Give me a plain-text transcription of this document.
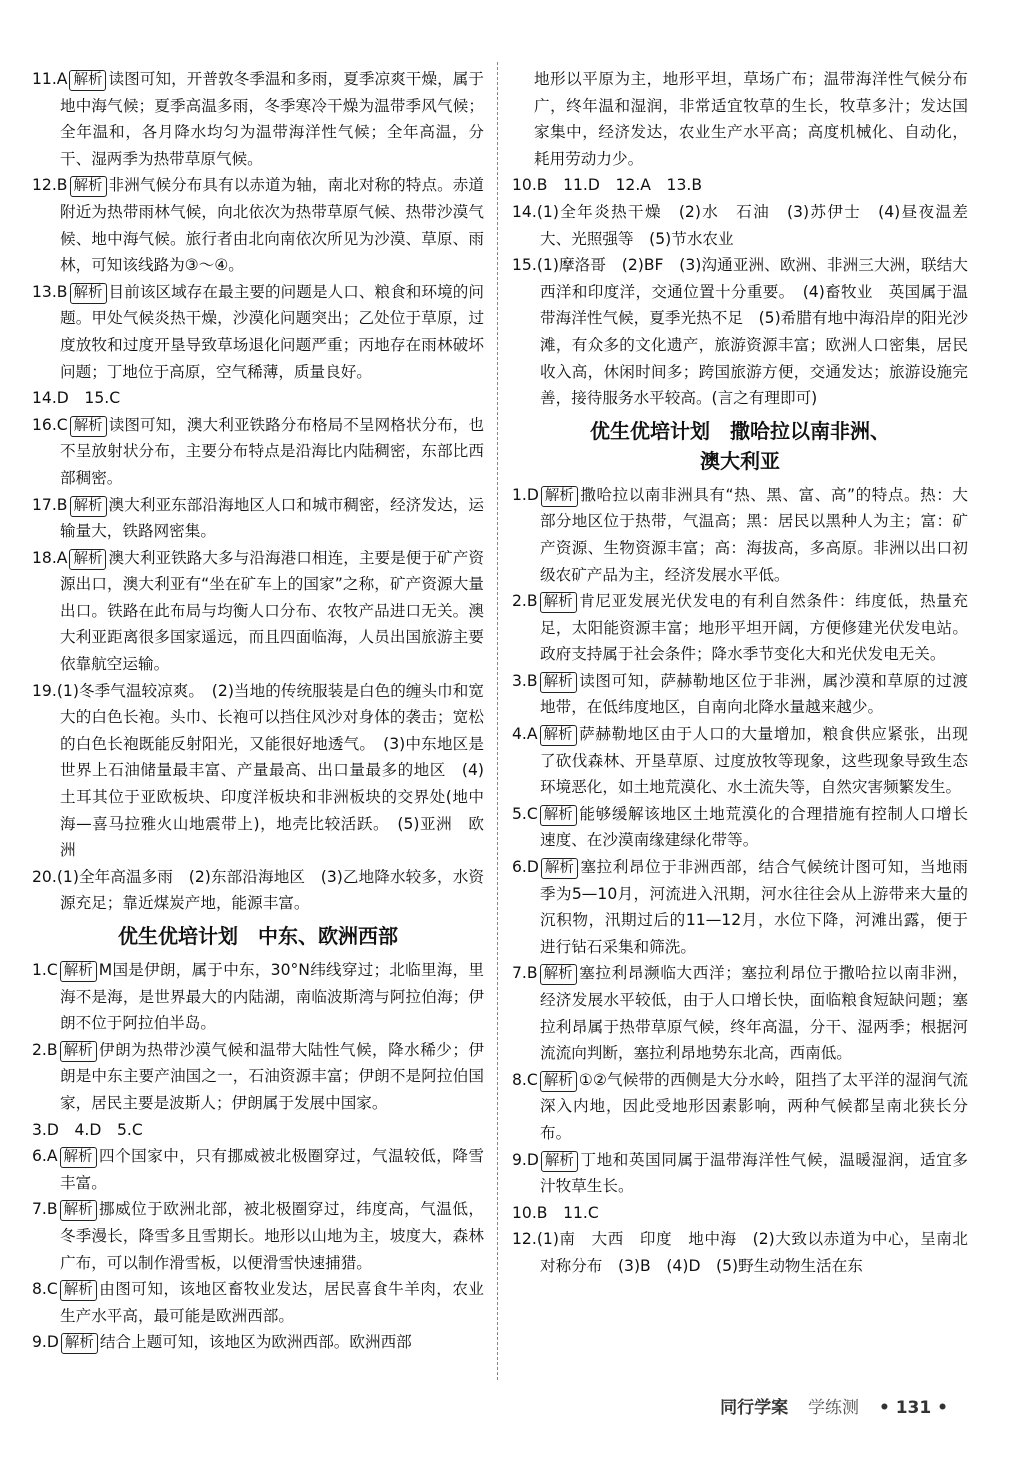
11.A 解析 读图可知，开普敦冬季温和多雨，夏季凉爽干燥，属于地中海气候；夏季高温多雨，冬季寒冷干燥为温带季风气候；全年温和，各月降水均匀为温带海洋性气候；全年高温，分干、湿两季为热带草原气候。
12.B 解析 非洲气候分布具有以赤道为轴，南北对称的特点。赤道附近为热带雨林气候，向北依次为热带草原气候、热带沙漠气候、地中海气候。旅行者由北向南依次所见为沙漠、草原、雨林，可知该线路为③～④。
13.B 解析 目前该区域存在最主要的问题是人口、粮食和环境的问题。甲处气候炎热干燥，沙漠化问题突出；乙处位于草原，过度放牧和过度开垦导致草场退化问题严重；丙地存在雨林破坏问题；丁地位于高原，空气稀薄，质量良好。
14.D　15.C
16.C 解析 读图可知，澳大利亚铁路分布格局不呈网格状分布，也不呈放射状分布，主要分布特点是沿海比内陆稠密，东部比西部稠密。
17.B 解析 澳大利亚东部沿海地区人口和城市稠密，经济发达，运输量大，铁路网密集。
18.A 解析 澳大利亚铁路大多与沿海港口相连，主要是便于矿产资源出口，澳大利亚有“坐在矿车上的国家”之称，矿产资源大量出口。铁路在此布局与均衡人口分布、农牧产品进口无关。澳大利亚距离很多国家遥远，而且四面临海，人员出国旅游主要依靠航空运输。
19.(1)冬季气温较凉爽。　(2)当地的传统服装是白色的缠头巾和宽大的白色长袍。头巾、长袍可以挡住风沙对身体的袭击；宽松的白色长袍既能反射阳光，又能很好地透气。　(3)中东地区是世界上石油储量最丰富、产量最高、出口量最多的地区　(4)土耳其位于亚欧板块、印度洋板块和非洲板块的交界处(地中海—喜马拉雅火山地震带上)，地壳比较活跃。　(5)亚洲　欧洲
20.(1)全年高温多雨　(2)东部沿海地区　(3)乙地降水较多，水资源充足；靠近煤炭产地，能源丰富。
优生优培计划　中东、欧洲西部
1.C 解析 M国是伊朗，属于中东，30°N纬线穿过；北临里海，里海不是海，是世界最大的内陆湖，南临波斯湾与阿拉伯海；伊朗不位于阿拉伯半岛。
2.B 解析 伊朗为热带沙漠气候和温带大陆性气候，降水稀少；伊朗是中东主要产油国之一，石油资源丰富；伊朗不是阿拉伯国家，居民主要是波斯人；伊朗属于发展中国家。
3.D　4.D　5.C
6.A 解析 四个国家中，只有挪威被北极圈穿过，气温较低，降雪丰富。
7.B 解析 挪威位于欧洲北部，被北极圈穿过，纬度高，气温低，冬季漫长，降雪多且雪期长。地形以山地为主，坡度大，森林广布，可以制作滑雪板，以便滑雪快速捕猎。
8.C 解析 由图可知，该地区畜牧业发达，居民喜食牛羊肉，农业生产水平高，最可能是欧洲西部。
9.D 解析 结合上题可知，该地区为欧洲西部。欧洲西部
地形以平原为主，地形平坦，草场广布；温带海洋性气候分布广，终年温和湿润，非常适宜牧草的生长，牧草多汁；发达国家集中，经济发达，农业生产水平高；高度机械化、自动化，耗用劳动力少。
10.B　11.D　12.A　13.B
14.(1)全年炎热干燥　(2)水　石油　(3)苏伊士　(4)昼夜温差大、光照强等　(5)节水农业
15.(1)摩洛哥　(2)BF　(3)沟通亚洲、欧洲、非洲三大洲，联结大西洋和印度洋，交通位置十分重要。　(4)畜牧业　英国属于温带海洋性气候，夏季光热不足　(5)希腊有地中海沿岸的阳光沙滩，有众多的文化遗产，旅游资源丰富；欧洲人口密集，居民收入高，休闲时间多；跨国旅游方便，交通发达；旅游设施完善，接待服务水平较高。(言之有理即可)
优生优培计划　撒哈拉以南非洲、
澳大利亚
1.D 解析 撒哈拉以南非洲具有“热、黑、富、高”的特点。热：大部分地区位于热带，气温高；黑：居民以黑种人为主；富：矿产资源、生物资源丰富；高：海拔高，多高原。非洲以出口初级农矿产品为主，经济发展水平低。
2.B 解析 肯尼亚发展光伏发电的有利自然条件：纬度低，热量充足，太阳能资源丰富；地形平坦开阔，方便修建光伏发电站。政府支持属于社会条件；降水季节变化大和光伏发电无关。
3.B 解析 读图可知，萨赫勒地区位于非洲，属沙漠和草原的过渡地带，在低纬度地区，自南向北降水量越来越少。
4.A 解析 萨赫勒地区由于人口的大量增加，粮食供应紧张，出现了砍伐森林、开垦草原、过度放牧等现象，这些现象导致生态环境恶化，如土地荒漠化、水土流失等，自然灾害频繁发生。
5.C 解析 能够缓解该地区土地荒漠化的合理措施有控制人口增长速度、在沙漠南缘建绿化带等。
6.D 解析 塞拉利昂位于非洲西部，结合气候统计图可知，当地雨季为5—10月，河流进入汛期，河水往往会从上游带来大量的沉积物，汛期过后的11—12月，水位下降，河滩出露，便于进行钻石采集和筛洗。
7.B 解析 塞拉利昂濒临大西洋；塞拉利昂位于撒哈拉以南非洲，经济发展水平较低，由于人口增长快，面临粮食短缺问题；塞拉利昂属于热带草原气候，终年高温，分干、湿两季；根据河流流向判断，塞拉利昂地势东北高，西南低。
8.C 解析 ①②气候带的西侧是大分水岭，阻挡了太平洋的湿润气流深入内地，因此受地形因素影响，两种气候都呈南北狭长分布。
9.D 解析 丁地和英国同属于温带海洋性气候，温暖湿润，适宜多汁牧草生长。
10.B　11.C
12.(1)南　大西　印度　地中海　(2)大致以赤道为中心，呈南北对称分布　(3)B　(4)D　(5)野生动物生活在东
同行学案 学练测 • 131 •
